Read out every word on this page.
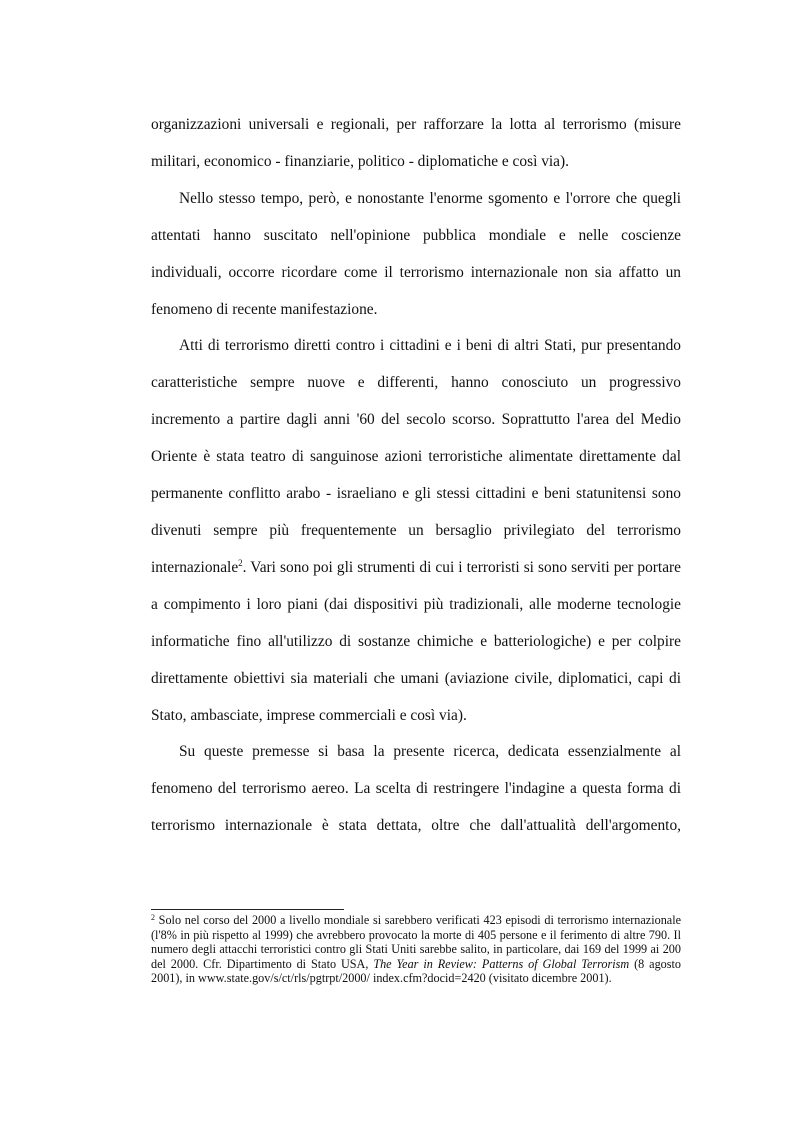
organizzazioni universali e regionali, per rafforzare la lotta al terrorismo (misure militari, economico - finanziarie, politico - diplomatiche e così via).

Nello stesso tempo, però, e nonostante l'enorme sgomento e l'orrore che quegli attentati hanno suscitato nell'opinione pubblica mondiale e nelle coscienze individuali, occorre ricordare come il terrorismo internazionale non sia affatto un fenomeno di recente manifestazione.

Atti di terrorismo diretti contro i cittadini e i beni di altri Stati, pur presentando caratteristiche sempre nuove e differenti, hanno conosciuto un progressivo incremento a partire dagli anni '60 del secolo scorso. Soprattutto l'area del Medio Oriente è stata teatro di sanguinose azioni terroristiche alimentate direttamente dal permanente conflitto arabo - israeliano e gli stessi cittadini e beni statunitensi sono divenuti sempre più frequentemente un bersaglio privilegiato del terrorismo internazionale$^2$. Vari sono poi gli strumenti di cui i terroristi si sono serviti per portare a compimento i loro piani (dai dispositivi più tradizionali, alle moderne tecnologie informatiche fino all'utilizzo di sostanze chimiche e batteriologiche) e per colpire direttamente obiettivi sia materiali che umani (aviazione civile, diplomatici, capi di Stato, ambasciate, imprese commerciali e così via).

Su queste premesse si basa la presente ricerca, dedicata essenzialmente al fenomeno del terrorismo aereo. La scelta di restringere l'indagine a questa forma di terrorismo internazionale è stata dettata, oltre che dall'attualità dell'argomento,

$^2$ Solo nel corso del 2000 a livello mondiale si sarebbero verificati 423 episodi di terrorismo internazionale (l'8% in più rispetto al 1999) che avrebbero provocato la morte di 405 persone e il ferimento di altre 790. Il numero degli attacchi terroristici contro gli Stati Uniti sarebbe salito, in particolare, dai 169 del 1999 ai 200 del 2000. Cfr. Dipartimento di Stato USA, The Year in Review: Patterns of Global Terrorism (8 agosto 2001), in www.state.gov/s/ct/rls/pgtrpt/2000/ index.cfm?docid=2420 (visitato dicembre 2001).
